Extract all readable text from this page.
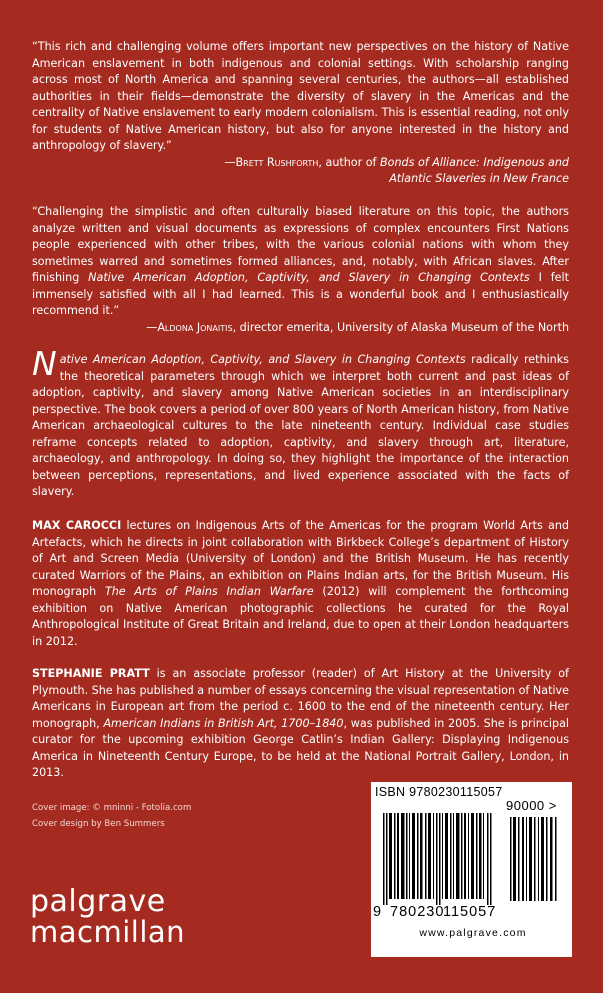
“This rich and challenging volume offers important new perspectives on the history of Native American enslavement in both indigenous and colonial settings. With scholarship ranging across most of North America and spanning several centuries, the authors—all established authorities in their fields—demonstrate the diversity of slavery in the Americas and the centrality of Native enslavement to early modern colonialism. This is essential reading, not only for students of Native American history, but also for anyone interested in the history and anthropology of slavery.”

—Brett Rushforth, author of Bonds of Alliance: Indigenous and

Atlantic Slaveries in New France

“Challenging the simplistic and often culturally biased literature on this topic, the authors analyze written and visual documents as expressions of complex encounters First Nations people experienced with other tribes, with the various colonial nations with whom they sometimes warred and sometimes formed alliances, and, notably, with African slaves. After finishing Native American Adoption, Captivity, and Slavery in Changing Contexts I felt immensely satisfied with all I had learned. This is a wonderful book and I enthusiastically recommend it.”

—Aldona Jonaitis, director emerita, University of Alaska Museum of the North

Native American Adoption, Captivity, and Slavery in Changing Contexts radically rethinks the theoretical parameters through which we interpret both current and past ideas of adoption, captivity, and slavery among Native American societies in an interdisciplinary perspective. The book covers a period of over 800 years of North American history, from Native American archaeological cultures to the late nineteenth century. Individual case studies reframe concepts related to adoption, captivity, and slavery through art, literature, archaeology, and anthropology. In doing so, they highlight the importance of the interaction between perceptions, representations, and lived experience associated with the facts of slavery.

MAX CAROCCI lectures on Indigenous Arts of the Americas for the program World Arts and Artefacts, which he directs in joint collaboration with Birkbeck College’s department of History of Art and Screen Media (University of London) and the British Museum. He has recently curated Warriors of the Plains, an exhibition on Plains Indian arts, for the British Museum. His monograph The Arts of Plains Indian Warfare (2012) will complement the forthcoming exhibition on Native American photographic collections he curated for the Royal Anthropological Institute of Great Britain and Ireland, due to open at their London headquarters in 2012.

STEPHANIE PRATT is an associate professor (reader) of Art History at the University of Plymouth. She has published a number of essays concerning the visual representation of Native Americans in European art from the period c. 1600 to the end of the nineteenth century. Her monograph, American Indians in British Art, 1700–1840, was published in 2005. She is principal curator for the upcoming exhibition George Catlin’s Indian Gallery: Displaying Indigenous America in Nineteenth Century Europe, to be held at the National Portrait Gallery, London, in 2013.

Cover image: © mninni - Fotolia.com
Cover design by Ben Summers
palgrave
macmillan
ISBN 9780230115057
90000 >
9 780230
115057
www.palgrave.com
